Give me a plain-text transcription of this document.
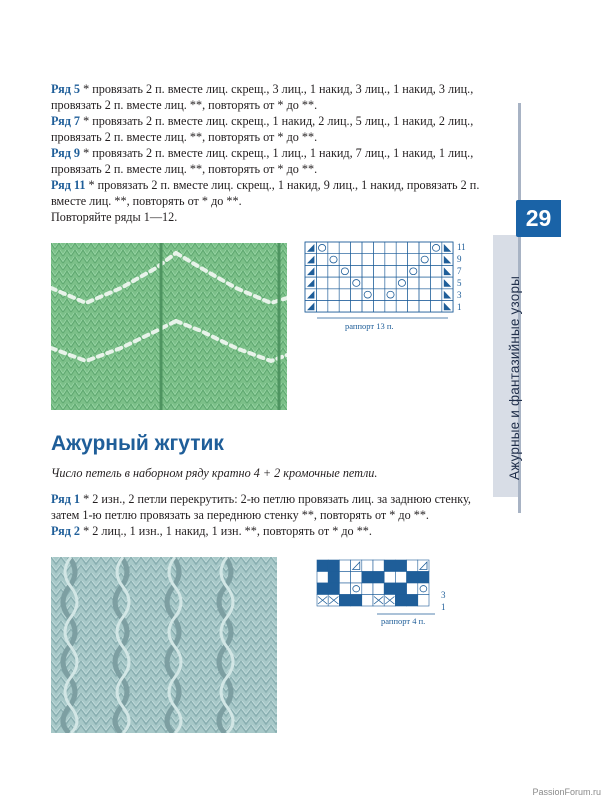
29
Ажурные и фантазийные узоры
Ряд 5 * провязать 2 п. вместе лиц. скрещ., 3 лиц., 1 накид, 3 лиц., 1 накид, 3 лиц., провязать 2 п. вместе лиц. **, повторять от * до **.
Ряд 7 * провязать 2 п. вместе лиц. скрещ., 1 накид, 2 лиц., 5 лиц., 1 накид, 2 лиц., провязать 2 п. вместе лиц. **, повторять от * до **.
Ряд 9 * провязать 2 п. вместе лиц. скрещ., 1 лиц., 1 накид, 7 лиц., 1 накид, 1 лиц., провязать 2 п. вместе лиц. **, повторять от * до **.
Ряд 11 * провязать 2 п. вместе лиц. скрещ., 1 накид, 9 лиц., 1 накид, провязать 2 п. вместе лиц. **, повторять от * до **.
Повторяйте ряды 1—12.
11
9
7
5
3
1
раппорт 13 п.
Ажурный жгутик
Число петель в наборном ряду кратно 4 + 2 кромочные петли.
Ряд 1 * 2 изн., 2 петли перекрутить: 2-ю петлю провязать лиц. за заднюю стенку, затем 1-ю петлю провязать за переднюю стенку **, повторять от * до **.
Ряд 2 * 2 лиц., 1 изн., 1 накид, 1 изн. **, повторять от * до **.
3
1
раппорт 4 п.
PassionForum.ru
